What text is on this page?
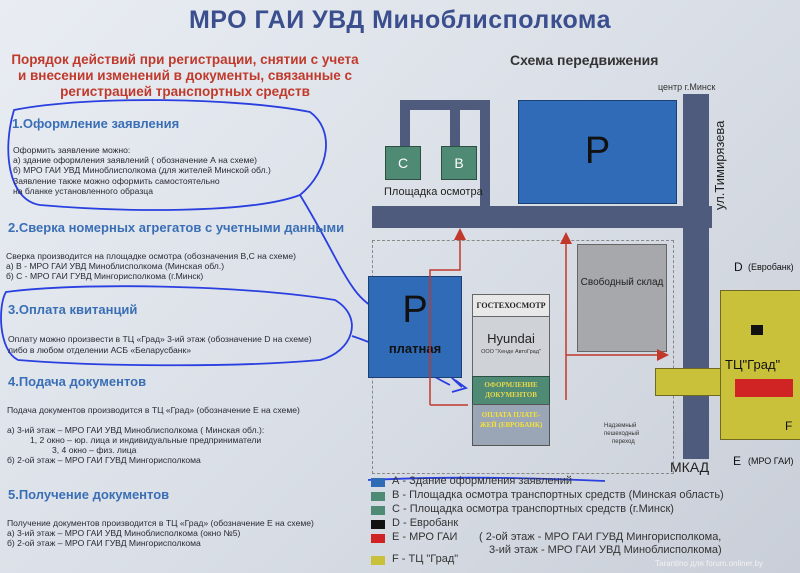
МРО ГАИ УВД Миноблисполкома
Порядок действий при регистрации, снятии с учета
и внесении изменений в документы, связанные с
регистрацией транспортных средств
1.Оформление заявления
Оформить заявление можно:
а) здание оформления заявлений ( обозначение А на схеме)
б) МРО ГАИ УВД Миноблисполкома (для жителей Минской обл.)
Заявление также можно оформить самостоятельно
на бланке установленного образца
2.Сверка номерных агрегатов с учетными данными
Сверка производится на площадке осмотра (обозначения В,С на схеме)
а) В - МРО ГАИ УВД Миноблисполкома (Минская обл.)
б) С - МРО ГАИ ГУВД Мингорисполкома (г.Минск)
3.Оплата квитанций
Оплату можно произвести в ТЦ «Град» 3-ий этаж (обозначение D на схеме)
либо в любом отделении АСБ «Беларусбанк»
4.Подача документов
Подача документов производится в ТЦ «Град» (обозначение Е на схеме)
а) 3-ий этаж – МРО ГАИ УВД Миноблисполкома ( Минская обл.):
1, 2 окно – юр. лица и индивидуальные предприниматели
3, 4 окно – физ. лица
б) 2-ой этаж – МРО ГАИ ГУВД Мингорисполкома
5.Получение документов
Получение документов производится в ТЦ «Град» (обозначение Е на схеме)
а) 3-ий этаж – МРО ГАИ УВД Миноблисполкома (окно №5)
б) 2-ой этаж – МРО ГАИ ГУВД Мингорисполкома
Схема передвижения
центр г.Минск
C	B
Площадка осмотра
P	ул.Тимирязева
P
платная
ГОСТЕХОСМОТР
Hyundai
ООО "Хенде АвтоГрад"
ОФОРМЛЕНИЕ
ДОКУМЕНТОВ
ОПЛАТА ПЛАТЕ-
ЖЕЙ (ЕВРОБАНК)
Свободный склад
Надземный
пешеходный
переход
МКАД
ТЦ"Град"
F
D (Евробанк)
E (МРО ГАИ)
А - Здание оформления заявлений
В - Площадка осмотра транспортных средств (Минская область)
С - Площадка осмотра транспортных средств (г.Минск)
D - Евробанк
Е - МРО ГАИ ( 2-ой этаж - МРО ГАИ ГУВД Мингорисполкома,
3-ий этаж - МРО ГАИ УВД Миноблисполкома)
F - ТЦ "Град"	Tarantino для forum.onliner.by
